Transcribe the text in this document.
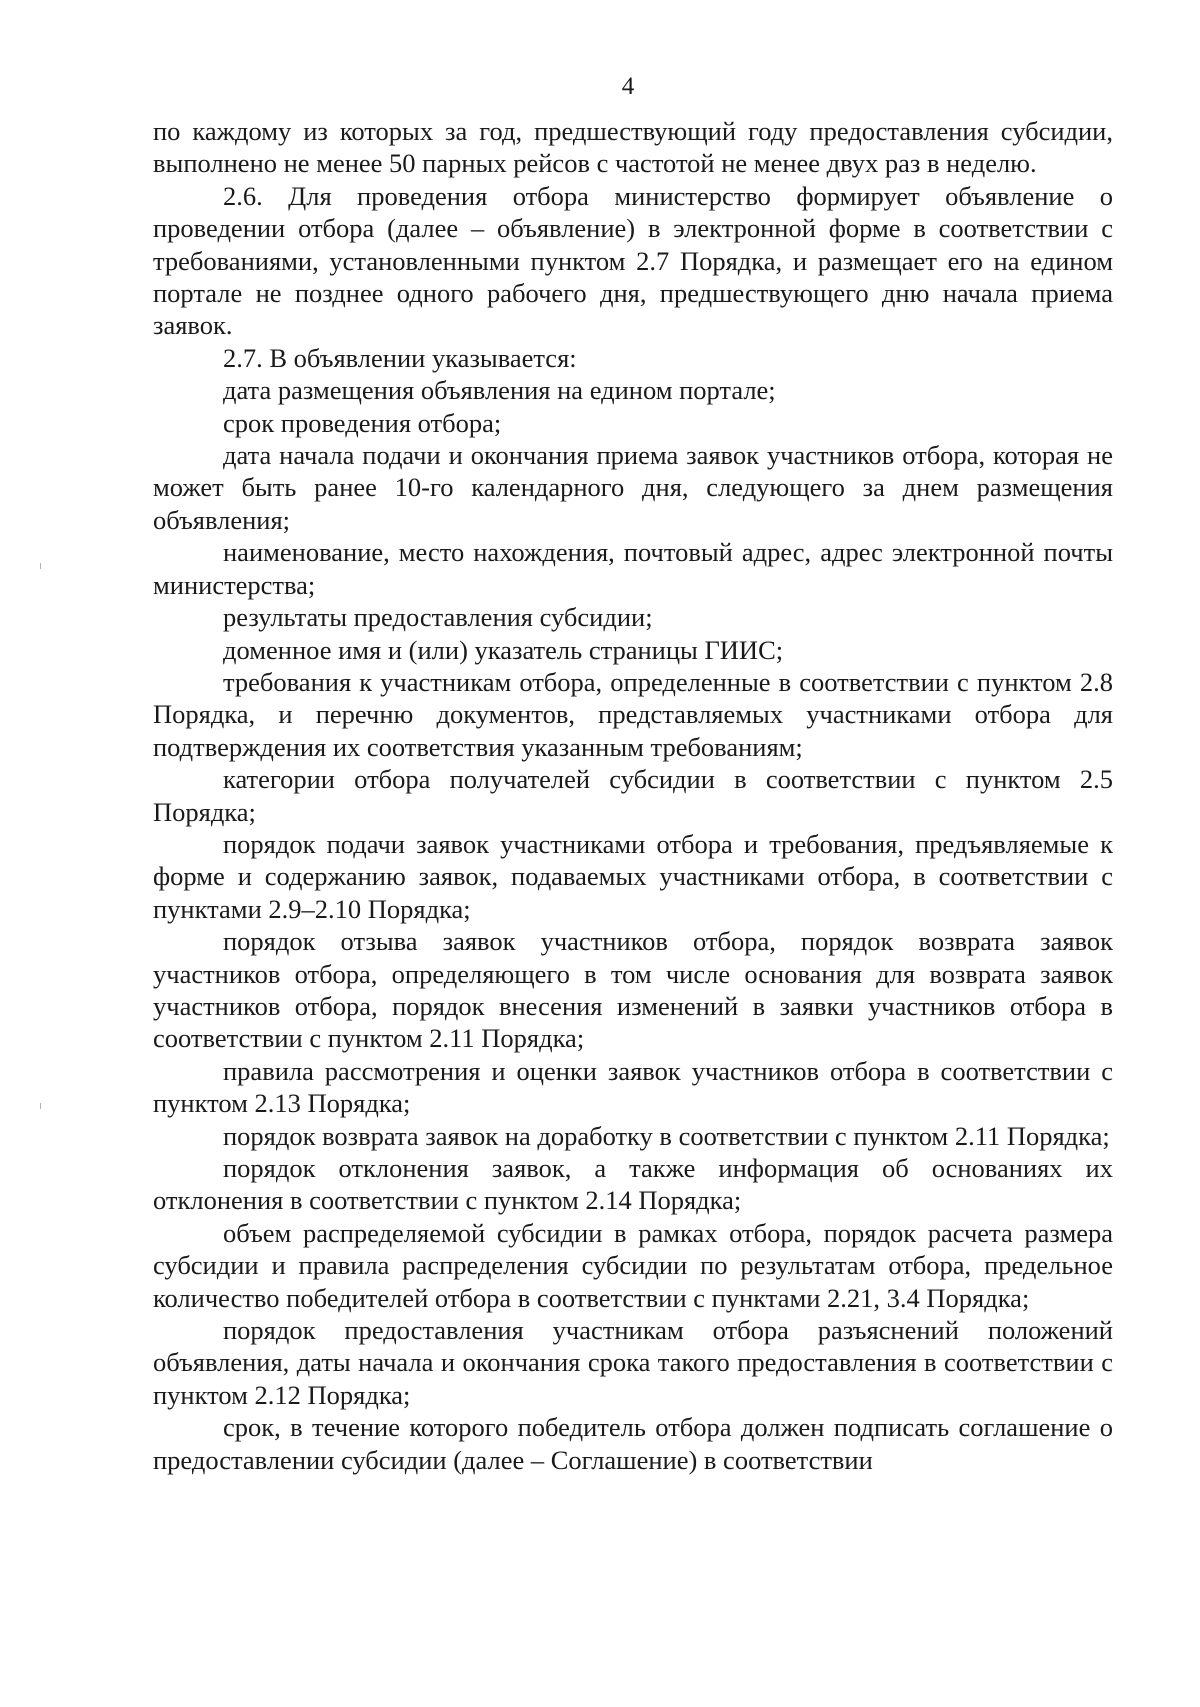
4

по каждому из которых за год, предшествующий году предоставления субсидии, выполнено не менее 50 парных рейсов с частотой не менее двух раз в неделю.

2.6. Для проведения отбора министерство формирует объявление о проведении отбора (далее – объявление) в электронной форме в соответствии с требованиями, установленными пунктом 2.7 Порядка, и размещает его на едином портале не позднее одного рабочего дня, предшествующего дню начала приема заявок.

2.7. В объявлении указывается:

дата размещения объявления на едином портале;

срок проведения отбора;

дата начала подачи и окончания приема заявок участников отбора, которая не может быть ранее 10-го календарного дня, следующего за днем размещения объявления;

наименование, место нахождения, почтовый адрес, адрес электронной почты министерства;

результаты предоставления субсидии;

доменное имя и (или) указатель страницы ГИИС;

требования к участникам отбора, определенные в соответствии с пунктом 2.8 Порядка, и перечню документов, представляемых участниками отбора для подтверждения их соответствия указанным требованиям;

категории отбора получателей субсидии в соответствии с пунктом 2.5 Порядка;

порядок подачи заявок участниками отбора и требования, предъявляемые к форме и содержанию заявок, подаваемых участниками отбора, в соответствии с пунктами 2.9–2.10 Порядка;

порядок отзыва заявок участников отбора, порядок возврата заявок участников отбора, определяющего в том числе основания для возврата заявок участников отбора, порядок внесения изменений в заявки участников отбора в соответствии с пунктом 2.11 Порядка;

правила рассмотрения и оценки заявок участников отбора в соответствии с пунктом 2.13 Порядка;

порядок возврата заявок на доработку в соответствии с пунктом 2.11 Порядка;

порядок отклонения заявок, а также информация об основаниях их отклонения в соответствии с пунктом 2.14 Порядка;

объем распределяемой субсидии в рамках отбора, порядок расчета размера субсидии и правила распределения субсидии по результатам отбора, предельное количество победителей отбора в соответствии с пунктами 2.21, 3.4 Порядка;

порядок предоставления участникам отбора разъяснений положений объявления, даты начала и окончания срока такого предоставления в соответствии с пунктом 2.12 Порядка;

срок, в течение которого победитель отбора должен подписать соглашение о предоставлении субсидии (далее – Соглашение) в соответствии
